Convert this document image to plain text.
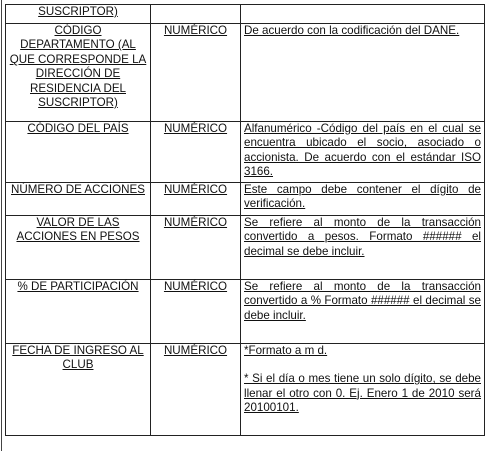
SUSCRIPTOR)		
CÓDIGO DEPARTAMENTO (AL QUE CORRESPONDE LA DIRECCIÓN DE RESIDENCIA DEL SUSCRIPTOR)	NUMÉRICO	De acuerdo con la codificación del DANE.
CÓDIGO DEL PAÍS	NUMÉRICO	Alfanumérico -Código del país en el cual se encuentra ubicado el socio, asociado o accionista. De acuerdo con el estándar ISO 3166.
NÚMERO DE ACCIONES	NUMÉRICO	Este campo debe contener el dígito de verificación.
VALOR DE LAS ACCIONES EN PESOS	NUMÉRICO	Se refiere al monto de la transacción convertido a pesos. Formato ###### el decimal se debe incluir.
% DE PARTICIPACIÓN	NUMÉRICO	Se refiere al monto de la transacción convertido a % Formato ###### el decimal se debe incluir.
FECHA DE INGRESO AL CLUB	NUMÉRICO	*Formato a m d.
* Si el día o mes tiene un solo dígito, se debe llenar el otro con 0. Ej. Enero 1 de 2010 será 20100101.
